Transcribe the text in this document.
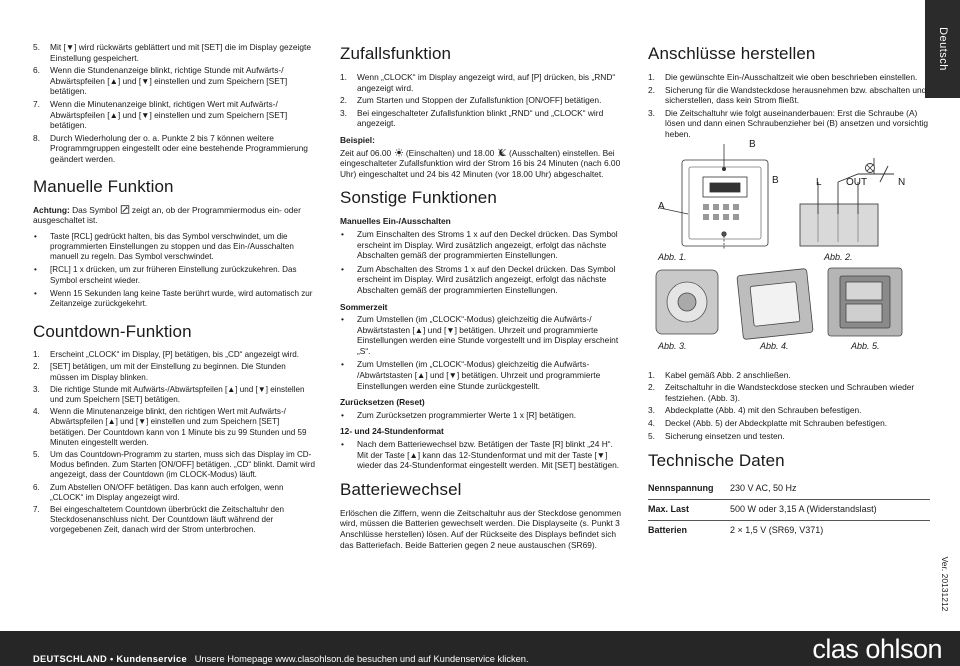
Deutsch
Ver. 20131212
5. Mit [▼] wird rückwärts geblättert und mit [SET] die im Display gezeigte Einstellung gespeichert.
6. Wenn die Stundenanzeige blinkt, richtige Stunde mit Aufwärts-/ Abwärtspfeilen [▲] und [▼] einstellen und zum Speichern [SET] betätigen.
7. Wenn die Minutenanzeige blinkt, richtigen Wert mit Aufwärts-/ Abwärtspfeilen [▲] und [▼] einstellen und zum Speichern [SET] betätigen.
8. Durch Wiederholung der o. a. Punkte 2 bis 7 können weitere Programmgruppen eingestellt oder eine bestehende Programmierung geändert werden.
Manuelle Funktion

Achtung: Das Symbol zeigt an, ob der Programmiermodus ein- oder ausgeschaltet ist.

• Taste [RCL] gedrückt halten, bis das Symbol verschwindet, um die programmierten Einstellungen zu stoppen und das Ein-/Ausschalten manuell zu regeln. Das Symbol verschwindet.
• [RCL] 1 x drücken, um zur früheren Einstellung zurückzukehren. Das Symbol erscheint wieder.
• Wenn 15 Sekunden lang keine Taste berührt wurde, wird automatisch zur Zeitanzeige zurückgekehrt.
Countdown-Funktion
1. Erscheint „CLOCK“ im Display, [P] betätigen, bis „CD“ angezeigt wird.
2. [SET] betätigen, um mit der Einstellung zu beginnen. Die Stunden müssen im Display blinken.
3. Die richtige Stunde mit Aufwärts-/Abwärtspfeilen [▲] und [▼] einstellen und zum Speichern [SET] betätigen.
4. Wenn die Minutenanzeige blinkt, den richtigen Wert mit Aufwärts-/ Abwärtspfeilen [▲] und [▼] einstellen und zum Speichern [SET] betätigen. Der Countdown kann von 1 Minute bis zu 99 Stunden und 59 Minuten eingestellt werden.
5. Um das Countdown-Programm zu starten, muss sich das Display im CD-Modus befinden. Zum Starten [ON/OFF] betätigen. „CD“ blinkt. Damit wird angezeigt, dass der Countdown (im CLOCK-Modus) läuft.
6. Zum Abstellen ON/OFF betätigen. Das kann auch erfolgen, wenn „CLOCK“ im Display angezeigt wird.
7. Bei eingeschaltetem Countdown überbrückt die Zeitschaltuhr den Steckdosenanschluss nicht. Der Countdown läuft während der vorgegebenen Zeit, danach wird der Strom unterbrochen.
Zufallsfunktion
1. Wenn „CLOCK“ im Display angezeigt wird, auf [P] drücken, bis „RND“ angezeigt wird.
2. Zum Starten und Stoppen der Zufallsfunktion [ON/OFF] betätigen.
3. Bei eingeschalteter Zufallsfunktion blinkt „RND“ und „CLOCK“ wird angezeigt.
Beispiel:

Zeit auf 06.00 (Einschalten) und 18.00 (Ausschalten) einstellen. Bei eingeschalteter Zufallsfunktion wird der Strom 16 bis 24 Minuten (nach 6.00 Uhr) eingeschaltet und 24 bis 42 Minuten (vor 18.00 Uhr) abgeschaltet.

Sonstige Funktionen
Manuelles Ein-/Ausschalten
• Zum Einschalten des Stroms 1 x auf den Deckel drücken. Das Symbol erscheint im Display. Wird zusätzlich angezeigt, erfolgt das nächste Abschalten gemäß der programmierten Einstellungen.
• Zum Abschalten des Stroms 1 x auf den Deckel drücken. Das Symbol erscheint im Display. Wird zusätzlich angezeigt, erfolgt das nächste Abschalten gemäß der programmierten Einstellungen.
Sommerzeit
• Zum Umstellen (im „CLOCK“-Modus) gleichzeitig die Aufwärts-/ Abwärtstasten [▲] und [▼] betätigen. Uhrzeit und programmierte Einstellungen werden eine Stunde vorgestellt und im Display erscheint „S“.
• Zum Umstellen (im „CLOCK“-Modus) gleichzeitig die Aufwärts- /Abwärtstasten [▲] und [▼] betätigen. Uhrzeit und programmierte Einstellungen werden eine Stunde zurückgestellt.
Zurücksetzen (Reset)
• Zum Zurücksetzen programmierter Werte 1 x [R] betätigen.
12- und 24-Stundenformat
• Nach dem Batteriewechsel bzw. Betätigen der Taste [R] blinkt „24 H“. Mit der Taste [▲] kann das 12-Stundenformat und mit der Taste [▼] wieder das 24-Stundenformat eingestellt werden. Mit [SET] bestätigen.
Batteriewechsel

Erlöschen die Ziffern, wenn die Zeitschaltuhr aus der Steckdose genommen wird, müssen die Batterien gewechselt werden. Die Displayseite (s. Punkt 3 Anschlüsse herstellen) lösen. Auf der Rückseite des Displays befindet sich das Batteriefach. Beide Batterien gegen 2 neue austauschen (SR69).

Anschlüsse herstellen
1. Die gewünschte Ein-/Ausschaltzeit wie oben beschrieben einstellen.
2. Sicherung für die Wandsteckdose herausnehmen bzw. abschalten und sicherstellen, dass kein Strom fließt.
3. Die Zeitschaltuhr wie folgt auseinanderbauen: Erst die Schraube (A) lösen und dann einen Schraubenzieher bei (B) ansetzen und vorsichtig heben.
A
B
B	L OUT	N
Abb. 1.	Abb. 2.
Abb. 3.	Abb. 4.	Abb. 5.
1. Kabel gemäß Abb. 2 anschließen.
2. Zeitschaltuhr in die Wandsteckdose stecken und Schrauben wieder festziehen. (Abb. 3).
3. Abdeckplatte (Abb. 4) mit den Schrauben befestigen.
4. Deckel (Abb. 5) der Abdeckplatte mit Schrauben befestigen.
5. Sicherung einsetzen und testen.
Technische Daten
Nennspannung	230 V AC, 50 Hz
Max. Last	500 W oder 3,15 A (Widerstandslast)
Batterien	2 × 1,5 V (SR69, V371)
DEUTSCHLAND • Kundenservice Unsere Homepage www.clasohlson.de besuchen und auf Kundenservice klicken.	clas ohlson
